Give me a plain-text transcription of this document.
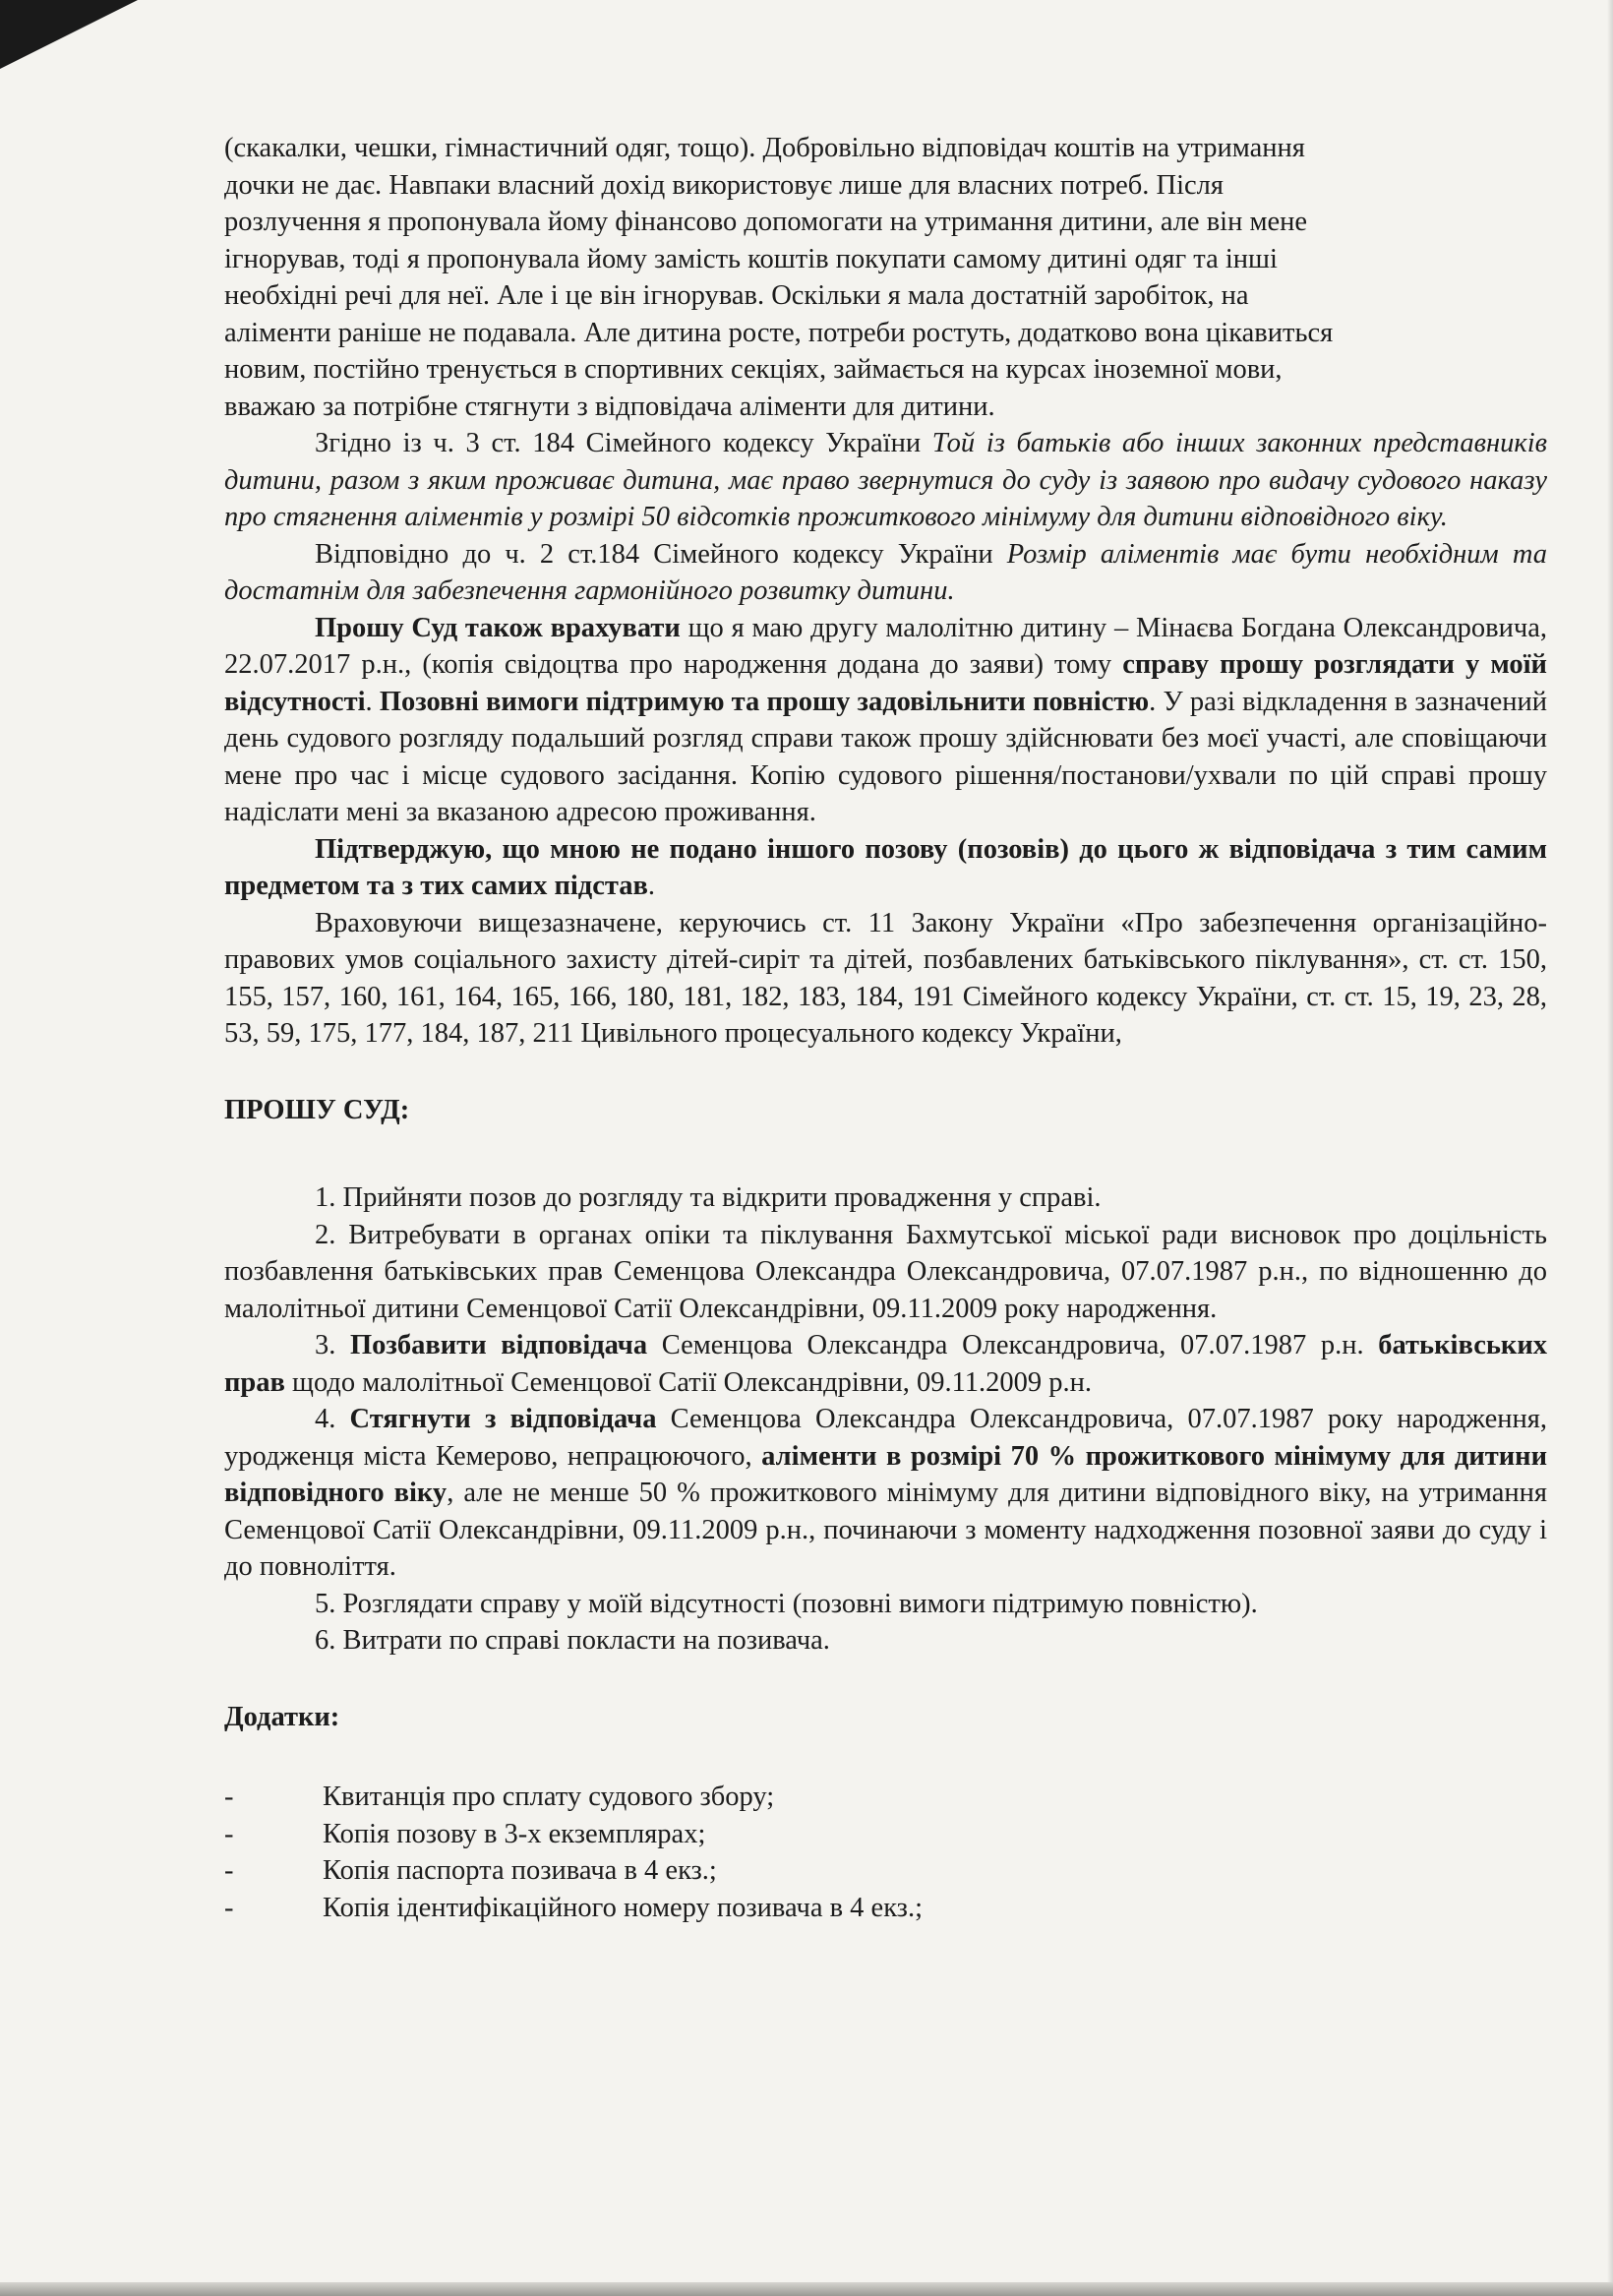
(скакалки, чешки, гімнастичний одяг, тощо). Добровільно відповідач коштів на утримання

дочки не дає. Навпаки власний дохід використовує лише для власних потреб. Після

розлучення я пропонувала йому фінансово допомогати на утримання дитини, але він мене

ігнорував, тоді я пропонувала йому замість коштів покупати самому дитині одяг та інші

необхідні речі для неї. Але і це він ігнорував. Оскільки я мала достатній заробіток, на

аліменти раніше не подавала. Але дитина росте, потреби ростуть, додатково вона цікавиться

новим, постійно тренується в спортивних секціях, займається на курсах іноземної мови,

вважаю за потрібне стягнути з відповідача аліменти для дитини.

Згідно із ч. 3 ст. 184 Сімейного кодексу України Той із батьків або інших законних представників дитини, разом з яким проживає дитина, має право звернутися до суду із заявою про видачу судового наказу про стягнення аліментів у розмірі 50 відсотків прожиткового мінімуму для дитини відповідного віку.

Відповідно до ч. 2 ст.184 Сімейного кодексу України Розмір аліментів має бути необхідним та достатнім для забезпечення гармонійного розвитку дитини.

Прошу Суд також врахувати що я маю другу малолітню дитину – Мінаєва Богдана Олександровича, 22.07.2017 р.н., (копія свідоцтва про народження додана до заяви) тому справу прошу розглядати у моїй відсутності. Позовні вимоги підтримую та прошу задовільнити повністю. У разі відкладення в зазначений день судового розгляду подальший розгляд справи також прошу здійснювати без моєї участі, але сповіщаючи мене про час і місце судового засідання. Копію судового рішення/постанови/ухвали по цій справі прошу надіслати мені за вказаною адресою проживання.

Підтверджую, що мною не подано іншого позову (позовів) до цього ж відповідача з тим самим предметом та з тих самих підстав.

Враховуючи вищезазначене, керуючись ст. 11 Закону України «Про забезпечення організаційно-правових умов соціального захисту дітей-сиріт та дітей, позбавлених батьківського піклування», ст. ст. 150, 155, 157, 160, 161, 164, 165, 166, 180, 181, 182, 183, 184, 191 Сімейного кодексу України, ст. ст. 15, 19, 23, 28, 53, 59, 175, 177, 184, 187, 211 Цивільного процесуального кодексу України,

ПРОШУ СУД:

1. Прийняти позов до розгляду та відкрити провадження у справі.

2. Витребувати в органах опіки та піклування Бахмутської міської ради висновок про доцільність позбавлення батьківських прав Семенцова Олександра Олександровича, 07.07.1987 р.н., по відношенню до малолітньої дитини Семенцової Сатії Олександрівни, 09.11.2009 року народження.

3. Позбавити відповідача Семенцова Олександра Олександровича, 07.07.1987 р.н. батьківських прав щодо малолітньої Семенцової Сатії Олександрівни, 09.11.2009 р.н.

4. Стягнути з відповідача Семенцова Олександра Олександровича, 07.07.1987 року народження, уродженця міста Кемерово, непрацюючого, аліменти в розмірі 70 % прожиткового мінімуму для дитини відповідного віку, але не менше 50 % прожиткового мінімуму для дитини відповідного віку, на утримання Семенцової Сатії Олександрівни, 09.11.2009 р.н., починаючи з моменту надходження позовної заяви до суду і до повноліття.

5. Розглядати справу у моїй відсутності (позовні вимоги підтримую повністю).

6. Витрати по справі покласти на позивача.

Додатки:

-	Квитанція про сплату судового збору;
-	Копія позову в 3-х екземплярах;
-	Копія паспорта позивача в 4 екз.;
-	Копія ідентифікаційного номеру позивача в 4 екз.;
